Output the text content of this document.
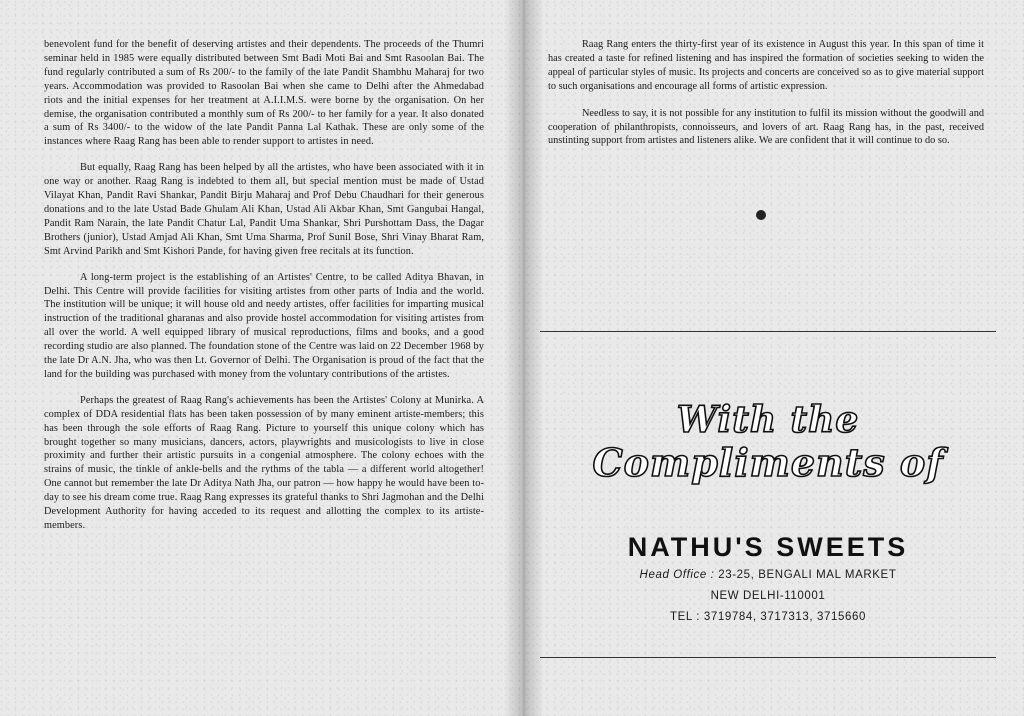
benevolent fund for the benefit of deserving artistes and their dependents. The proceeds of the Thumri seminar held in 1985 were equally distributed between Smt Badi Moti Bai and Smt Rasoolan Bai. The fund regularly contributed a sum of Rs 200/- to the family of the late Pandit Shambhu Maharaj for two years. Accommodation was provided to Rasoolan Bai when she came to Delhi after the Ahmedabad riots and the initial expenses for her treatment at A.I.I.M.S. were borne by the organisation. On her demise, the organisation contributed a monthly sum of Rs 200/- to her family for a year. It also donated a sum of Rs 3400/- to the widow of the late Pandit Panna Lal Kathak. These are only some of the instances where Raag Rang has been able to render support to artistes in need.

But equally, Raag Rang has been helped by all the artistes, who have been associated with it in one way or another. Raag Rang is indebted to them all, but special mention must be made of Ustad Vilayat Khan, Pandit Ravi Shankar, Pandit Birju Maharaj and Prof Debu Chaudhari for their generous donations and to the late Ustad Bade Ghulam Ali Khan, Ustad Ali Akbar Khan, Smt Gangubai Hangal, Pandit Ram Narain, the late Pandit Chatur Lal, Pandit Uma Shankar, Shri Purshottam Dass, the Dagar Brothers (junior), Ustad Amjad Ali Khan, Smt Uma Sharma, Prof Sunil Bose, Shri Vinay Bharat Ram, Smt Arvind Parikh and Smt Kishori Pande, for having given free recitals at its function.

A long-term project is the establishing of an Artistes' Centre, to be called Aditya Bhavan, in Delhi. This Centre will provide facilities for visiting artistes from other parts of India and the world. The institution will be unique; it will house old and needy artistes, offer facilities for imparting musical instruction of the traditional gharanas and also provide hostel accommodation for visiting artistes from all over the world. A well equipped library of musical reproductions, films and books, and a good recording studio are also planned. The foundation stone of the Centre was laid on 22 December 1968 by the late Dr A.N. Jha, who was then Lt. Governor of Delhi. The Organisation is proud of the fact that the land for the building was purchased with money from the voluntary contributions of the artistes.

Perhaps the greatest of Raag Rang's achievements has been the Artistes' Colony at Munirka. A complex of DDA residential flats has been taken possession of by many eminent artiste-members; this has been through the sole efforts of Raag Rang. Picture to yourself this unique colony which has brought together so many musicians, dancers, actors, playwrights and musicologists to live in close proximity and further their artistic pursuits in a congenial atmosphere. The colony echoes with the strains of music, the tinkle of ankle-bells and the rythms of the tabla — a different world altogether! One cannot but remember the late Dr Aditya Nath Jha, our patron — how happy he would have been to-day to see his dream come true. Raag Rang expresses its grateful thanks to Shri Jagmohan and the Delhi Development Authority for having acceded to its request and allotting the complex to its artiste-members.

Raag Rang enters the thirty-first year of its existence in August this year. In this span of time it has created a taste for refined listening and has inspired the formation of societies seeking to widen the appeal of particular styles of music. Its projects and concerts are conceived so as to give material support to such organisations and encourage all forms of artistic expression.

Needless to say, it is not possible for any institution to fulfil its mission without the goodwill and cooperation of philanthropists, connoisseurs, and lovers of art. Raag Rang has, in the past, received unstinting support from artistes and listeners alike. We are confident that it will continue to do so.

With the
Compliments of
NATHU'S SWEETS
Head Office : 23-25, BENGALI MAL MARKET
NEW DELHI-110001
TEL : 3719784, 3717313, 3715660
